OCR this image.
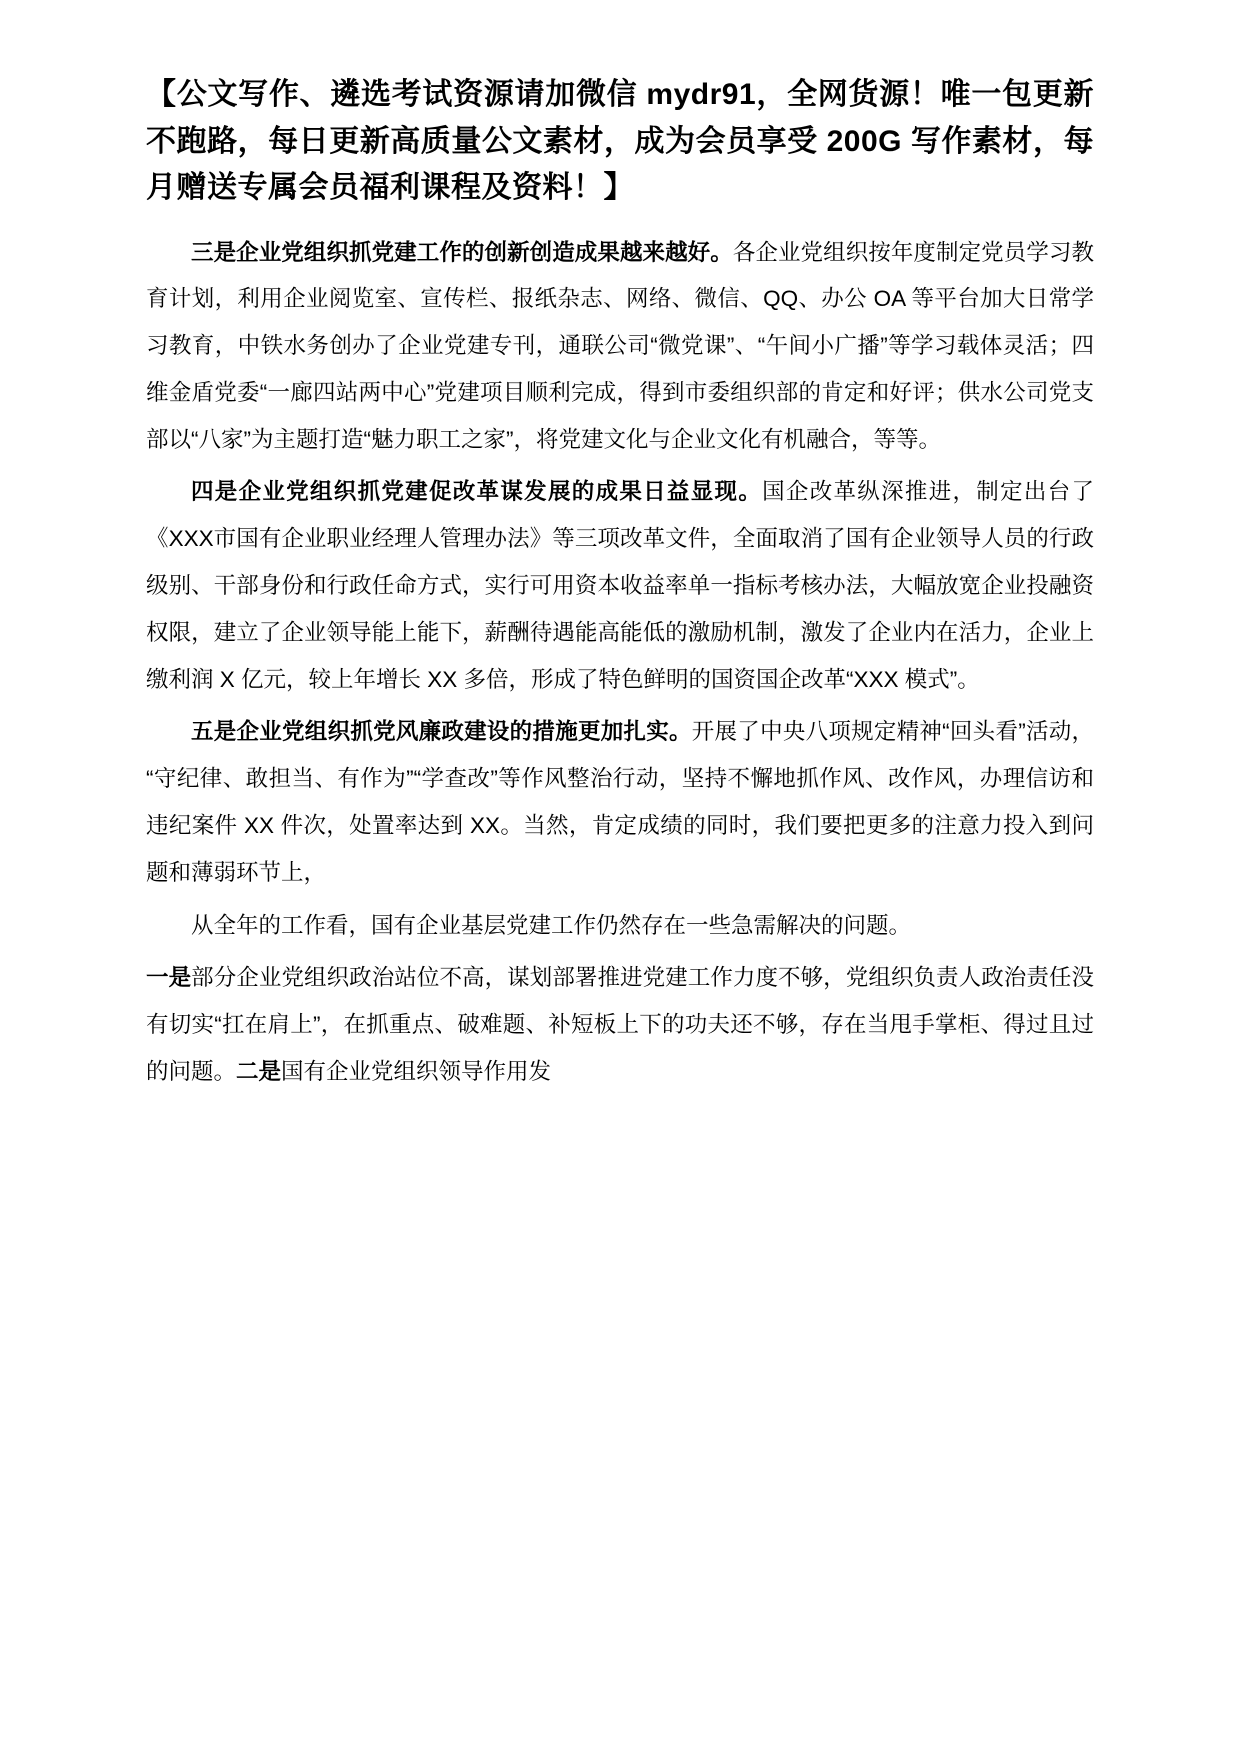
【公文写作、遴选考试资源请加微信 mydr91，全网货源！唯一包更新不跑路，每日更新高质量公文素材，成为会员享受 200G 写作素材，每月赠送专属会员福利课程及资料！】

三是企业党组织抓党建工作的创新创造成果越来越好。各企业党组织按年度制定党员学习教育计划，利用企业阅览室、宣传栏、报纸杂志、网络、微信、QQ、办公 OA 等平台加大日常学习教育，中铁水务创办了企业党建专刊，通联公司“微党课”、“午间小广播”等学习载体灵活；四维金盾党委“一廊四站两中心”党建项目顺利完成，得到市委组织部的肯定和好评；供水公司党支部以“八家”为主题打造“魅力职工之家”，将党建文化与企业文化有机融合，等等。

四是企业党组织抓党建促改革谋发展的成果日益显现。国企改革纵深推进，制定出台了《XXX市国有企业职业经理人管理办法》等三项改革文件，全面取消了国有企业领导人员的行政级别、干部身份和行政任命方式，实行可用资本收益率单一指标考核办法，大幅放宽企业投融资权限，建立了企业领导能上能下，薪酬待遇能高能低的激励机制，激发了企业内在活力，企业上缴利润 X 亿元，较上年增长 XX 多倍，形成了特色鲜明的国资国企改革“XXX 模式”。

五是企业党组织抓党风廉政建设的措施更加扎实。开展了中央八项规定精神“回头看”活动，“守纪律、敢担当、有作为”“学查改”等作风整治行动，坚持不懈地抓作风、改作风，办理信访和违纪案件 XX 件次，处置率达到 XX。当然，肯定成绩的同时，我们要把更多的注意力投入到问题和薄弱环节上，

从全年的工作看，国有企业基层党建工作仍然存在一些急需解决的问题。

一是部分企业党组织政治站位不高，谋划部署推进党建工作力度不够，党组织负责人政治责任没有切实“扛在肩上”，在抓重点、破难题、补短板上下的功夫还不够，存在当甩手掌柜、得过且过的问题。二是国有企业党组织领导作用发
